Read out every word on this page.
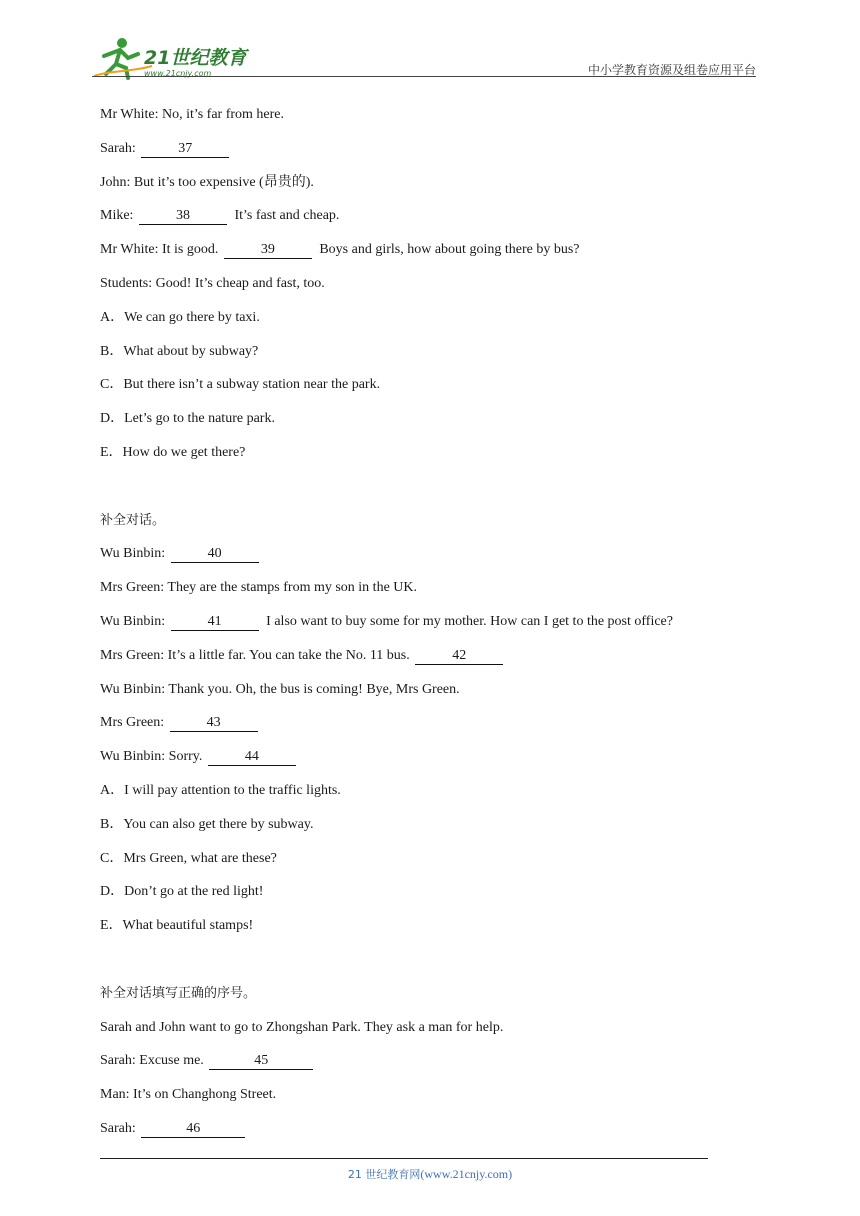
21世纪教育
www.21cnjy.com	中小学教育资源及组卷应用平台
Mr White: No, it’s far from here.
Sarah:	37
John: But it’s too expensive (昂贵的).
Mike:	38	It’s fast and cheap.
Mr White: It is good.	39	Boys and girls, how about going there by bus?
Students: Good! It’s cheap and fast, too.
A．We can go there by taxi.
B．What about by subway?
C．But there isn’t a subway station near the park.
D．Let’s go to the nature park.
E．How do we get there?
补全对话。
Wu Binbin:	40
Mrs Green: They are the stamps from my son in the UK.
Wu Binbin:	41	I also want to buy some for my mother. How can I get to the post office?
Mrs Green: It’s a little far. You can take the No. 11 bus.	42
Wu Binbin: Thank you. Oh, the bus is coming! Bye, Mrs Green.
Mrs Green:	43
Wu Binbin: Sorry.	44
A．I will pay attention to the traffic lights.
B．You can also get there by subway.
C．Mrs Green, what are these?
D．Don’t go at the red light!
E．What beautiful stamps!
补全对话填写正确的序号。
Sarah and John want to go to Zhongshan Park. They ask a man for help.
Sarah: Excuse me.	45
Man: It’s on Changhong Street.
Sarah:	46
21 世纪教育网(www.21cnjy.com)
